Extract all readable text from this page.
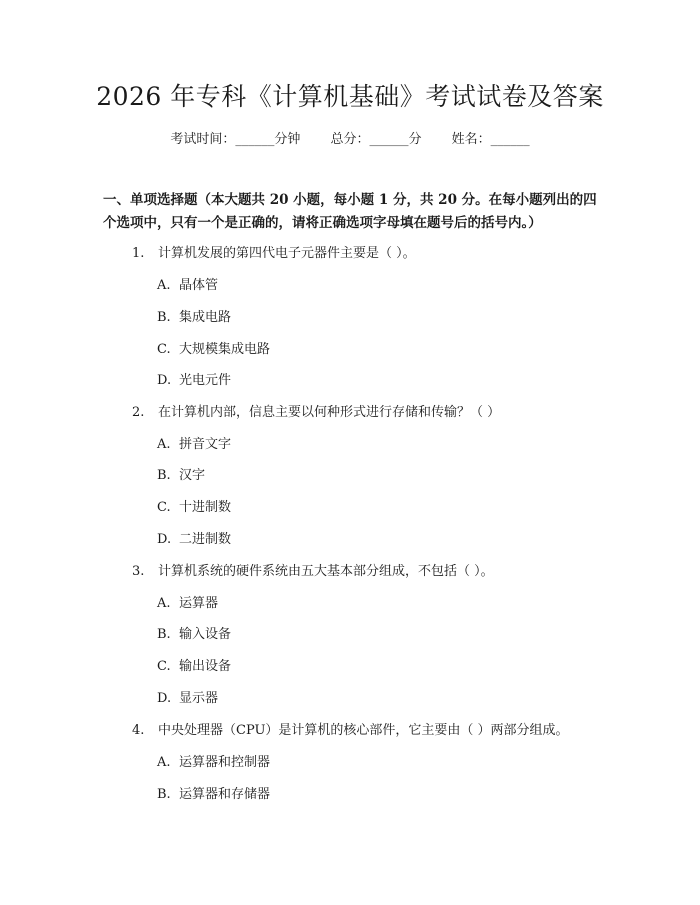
2026 年专科《计算机基础》考试试卷及答案
考试时间：______分钟 总分：______分 姓名：______
一、单项选择题（本大题共 20 小题，每小题 1 分，共 20 分。在每小题列出的四
个选项中，只有一个是正确的，请将正确选项字母填在题号后的括号内。）
1. 计算机发展的第四代电子元器件主要是（ ）。
A. 晶体管
B. 集成电路
C. 大规模集成电路
D. 光电元件
2. 在计算机内部，信息主要以何种形式进行存储和传输？（ ）
A. 拼音文字
B. 汉字
C. 十进制数
D. 二进制数
3. 计算机系统的硬件系统由五大基本部分组成，不包括（ ）。
A. 运算器
B. 输入设备
C. 输出设备
D. 显示器
4. 中央处理器（CPU）是计算机的核心部件，它主要由（ ）两部分组成。
A. 运算器和控制器
B. 运算器和存储器
